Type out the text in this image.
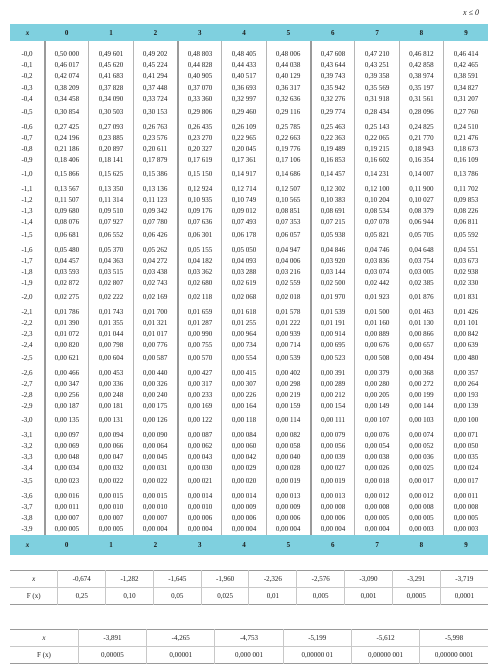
x ≤ 0
x	0	1	2	3	4	5	6	7	8	9

-0,0	0,50 000	0,49 601	0,49 202	0,48 803	0,48 405	0,48 006	0,47 608	0,47 210	0,46 812	0,46 414
-0,1	0,46 017	0,45 620	0,45 224	0,44 828	0,44 433	0,44 038	0,43 644	0,43 251	0,42 858	0,42 465
-0,2	0,42 074	0,41 683	0,41 294	0,40 905	0,40 517	0,40 129	0,39 743	0,39 358	0,38 974	0,38 591
-0,3	0,38 209	0,37 828	0,37 448	0,37 070	0,36 693	0,36 317	0,35 942	0,35 569	0,35 197	0,34 827
-0,4	0,34 458	0,34 090	0,33 724	0,33 360	0,32 997	0,32 636	0,32 276	0,31 918	0,31 561	0,31 207
-0,5	0,30 854	0,30 503	0,30 153	0,29 806	0,29 460	0,29 116	0,29 774	0,28 434	0,28 096	0,27 760
-0,6	0,27 425	0,27 093	0,26 763	0,26 435	0,26 109	0,25 785	0,25 463	0,25 143	0,24 825	0,24 510
-0,7	0,24 196	0,23 885	0,23 576	0,23 270	0,22 965	0,22 663	0,22 363	0,22 065	0,21 770	0,21 476
-0,8	0,21 186	0,20 897	0,20 611	0,20 327	0,20 045	0,19 776	0,19 489	0,19 215	0,18 943	0,18 673
-0,9	0,18 406	0,18 141	0,17 879	0,17 619	0,17 361	0,17 106	0,16 853	0,16 602	0,16 354	0,16 109
-1,0	0,15 866	0,15 625	0,15 386	0,15 150	0,14 917	0,14 686	0,14 457	0,14 231	0,14 007	0,13 786
-1,1	0,13 567	0,13 350	0,13 136	0,12 924	0,12 714	0,12 507	0,12 302	0,12 100	0,11 900	0,11 702
-1,2	0,11 507	0,11 314	0,11 123	0,10 935	0,10 749	0,10 565	0,10 383	0,10 204	0,10 027	0,09 853
-1,3	0,09 680	0,09 510	0,09 342	0,09 176	0,09 012	0,08 851	0,08 691	0,08 534	0,08 379	0,08 226
-1,4	0,08 076	0,07 927	0,07 780	0,07 636	0,07 493	0,07 353	0,07 215	0,07 078	0,06 944	0,06 811
-1,5	0,06 681	0,06 552	0,06 426	0,06 301	0,06 178	0,06 057	0,05 938	0,05 821	0,05 705	0,05 592
-1,6	0,05 480	0,05 370	0,05 262	0,05 155	0,05 050	0,04 947	0,04 846	0,04 746	0,04 648	0,04 551
-1,7	0,04 457	0,04 363	0,04 272	0,04 182	0,04 093	0,04 006	0,03 920	0,03 836	0,03 754	0,03 673
-1,8	0,03 593	0,03 515	0,03 438	0,03 362	0,03 288	0,03 216	0,03 144	0,03 074	0,03 005	0,02 938
-1,9	0,02 872	0,02 807	0,02 743	0,02 680	0,02 619	0,02 559	0,02 500	0,02 442	0,02 385	0,02 330
-2,0	0,02 275	0,02 222	0,02 169	0,02 118	0,02 068	0,02 018	0,01 970	0,01 923	0,01 876	0,01 831
-2,1	0,01 786	0,01 743	0,01 700	0,01 659	0,01 618	0,01 578	0,01 539	0,01 500	0,01 463	0,01 426
-2,2	0,01 390	0,01 355	0,01 321	0,01 287	0,01 255	0,01 222	0,01 191	0,01 160	0,01 130	0,01 101
-2,3	0,01 072	0,01 044	0,01 017	0,00 990	0,00 964	0,00 939	0,00 914	0,00 889	0,00 866	0,00 842
-2,4	0,00 820	0,00 798	0,00 776	0,00 755	0,00 734	0,00 714	0,00 695	0,00 676	0,00 657	0,00 639
-2,5	0,00 621	0,00 604	0,00 587	0,00 570	0,00 554	0,00 539	0,00 523	0,00 508	0,00 494	0,00 480
-2,6	0,00 466	0,00 453	0,00 440	0,00 427	0,00 415	0,00 402	0,00 391	0,00 379	0,00 368	0,00 357
-2,7	0,00 347	0,00 336	0,00 326	0,00 317	0,00 307	0,00 298	0,00 289	0,00 280	0,00 272	0,00 264
-2,8	0,00 256	0,00 248	0,00 240	0,00 233	0,00 226	0,00 219	0,00 212	0,00 205	0,00 199	0,00 193
-2,9	0,00 187	0,00 181	0,00 175	0,00 169	0,00 164	0,00 159	0,00 154	0,00 149	0,00 144	0,00 139
-3,0	0,00 135	0,00 131	0,00 126	0,00 122	0,00 118	0,00 114	0,00 111	0,00 107	0,00 103	0,00 100
-3,1	0,00 097	0,00 094	0,00 090	0,00 087	0,00 084	0,00 082	0,00 079	0,00 076	0,00 074	0,00 071
-3,2	0,00 069	0,00 066	0,00 064	0,00 062	0,00 060	0,00 058	0,00 056	0,00 054	0,00 052	0,00 050
-3,3	0,00 048	0,00 047	0,00 045	0,00 043	0,00 042	0,00 040	0,00 039	0,00 038	0,00 036	0,00 035
-3,4	0,00 034	0,00 032	0,00 031	0,00 030	0,00 029	0,00 028	0,00 027	0,00 026	0,00 025	0,00 024
-3,5	0,00 023	0,00 022	0,00 022	0,00 021	0,00 020	0,00 019	0,00 019	0,00 018	0,00 017	0,00 017
-3,6	0,00 016	0,00 015	0,00 015	0,00 014	0,00 014	0,00 013	0,00 013	0,00 012	0,00 012	0,00 011
-3,7	0,00 011	0,00 010	0,00 010	0,00 010	0,00 009	0,00 009	0,00 008	0,00 008	0,00 008	0,00 008
-3,8	0,00 007	0,00 007	0,00 007	0,00 006	0,00 006	0,00 006	0,00 006	0,00 005	0,00 005	0,00 005
-3,9	0,00 005	0,00 005	0,00 004	0,00 004	0,00 004	0,00 004	0,00 004	0,00 004	0,00 003	0,00 003
x	0	1	2	3	4	5	6	7	8	9
x	-0,674	-1,282	-1,645	-1,960	-2,326	-2,576	-3,090	-3,291	-3,719
F (x)	0,25	0,10	0,05	0,025	0,01	0,005	0,001	0,0005	0,0001
x	-3,891	-4,265	-4,753	-5,199	-5,612	-5,998
F (x)	0,00005	0,00001	0,000 001	0,00000 01	0,00000 001	0,00000 0001
